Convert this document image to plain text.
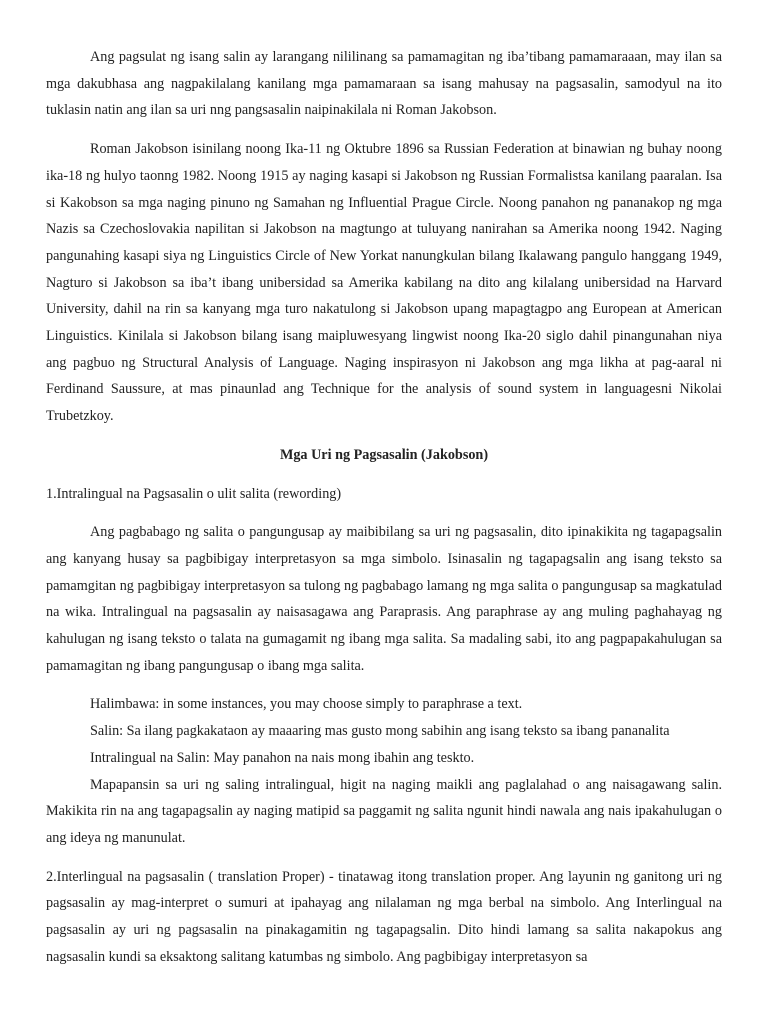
Ang pagsulat ng isang salin ay larangang nililinang sa pamamagitan ng iba’tibang pamamaraaan, may ilan sa mga dakubhasa ang nagpakilalang kanilang mga pamamaraan sa isang mahusay na pagsasalin, samodyul na ito tuklasin natin ang ilan sa uri nng pangsasalin naipinakilala ni Roman Jakobson.

Roman Jakobson isinilang noong Ika-11 ng Oktubre 1896 sa Russian Federation at binawian ng buhay noong ika-18 ng hulyo taonng 1982. Noong 1915 ay naging kasapi si Jakobson ng Russian Formalistsa kanilang paaralan. Isa si Kakobson sa mga naging pinuno ng Samahan ng Influential Prague Circle. Noong panahon ng pananakop ng mga Nazis sa Czechoslovakia napilitan si Jakobson na magtungo at tuluyang nanirahan sa Amerika noong 1942. Naging pangunahing kasapi siya ng Linguistics Circle of New Yorkat nanungkulan bilang Ikalawang pangulo hanggang 1949, Nagturo si Jakobson sa iba’t ibang unibersidad sa Amerika kabilang na dito ang kilalang unibersidad na Harvard University, dahil na rin sa kanyang mga turo nakatulong si Jakobson upang mapagtagpo ang European at American Linguistics. Kinilala si Jakobson bilang isang maipluwesyang lingwist noong Ika-20 siglo dahil pinangunahan niya ang pagbuo ng Structural Analysis of Language. Naging inspirasyon ni Jakobson ang mga likha at pag-aaral ni Ferdinand Saussure, at mas pinaunlad ang Technique for the analysis of sound system in languagesni Nikolai Trubetzkoy.

Mga Uri ng Pagsasalin (Jakobson)

1.Intralingual na Pagsasalin o ulit salita (rewording)

Ang pagbabago ng salita o pangungusap ay maibibilang sa uri ng pagsasalin, dito ipinakikita ng tagapagsalin ang kanyang husay sa pagbibigay interpretasyon sa mga simbolo. Isinasalin ng tagapagsalin ang isang teksto sa pamamgitan ng pagbibigay interpretasyon sa tulong ng pagbabago lamang ng mga salita o pangungusap sa magkatulad na wika. Intralingual na pagsasalin ay naisasagawa ang Paraprasis. Ang paraphrase ay ang muling paghahayag ng kahulugan ng isang teksto o talata na gumagamit ng ibang mga salita. Sa madaling sabi, ito ang pagpapakahulugan sa pamamagitan ng ibang pangungusap o ibang mga salita.

Halimbawa: in some instances, you may choose simply to paraphrase a text.
Salin: Sa ilang pagkakataon ay maaaring mas gusto mong sabihin ang isang teksto sa ibang pananalita
Intralingual na Salin: May panahon na nais mong ibahin ang teskto.

Mapapansin sa uri ng saling intralingual, higit na naging maikli ang paglalahad o ang naisagawang salin. Makikita rin na ang tagapagsalin ay naging matipid sa paggamit ng salita ngunit hindi nawala ang nais ipakahulugan o ang ideya ng manunulat.

2.Interlingual na pagsasalin ( translation Proper) - tinatawag itong translation proper. Ang layunin ng ganitong uri ng pagsasalin ay mag-interpret o sumuri at ipahayag ang nilalaman ng mga berbal na simbolo. Ang Interlingual na pagsasalin ay uri ng pagsasalin na pinakagamitin ng tagapagsalin. Dito hindi lamang sa salita nakapokus ang nagsasalin kundi sa eksaktong salitang katumbas ng simbolo. Ang pagbibigay interpretasyon sa
